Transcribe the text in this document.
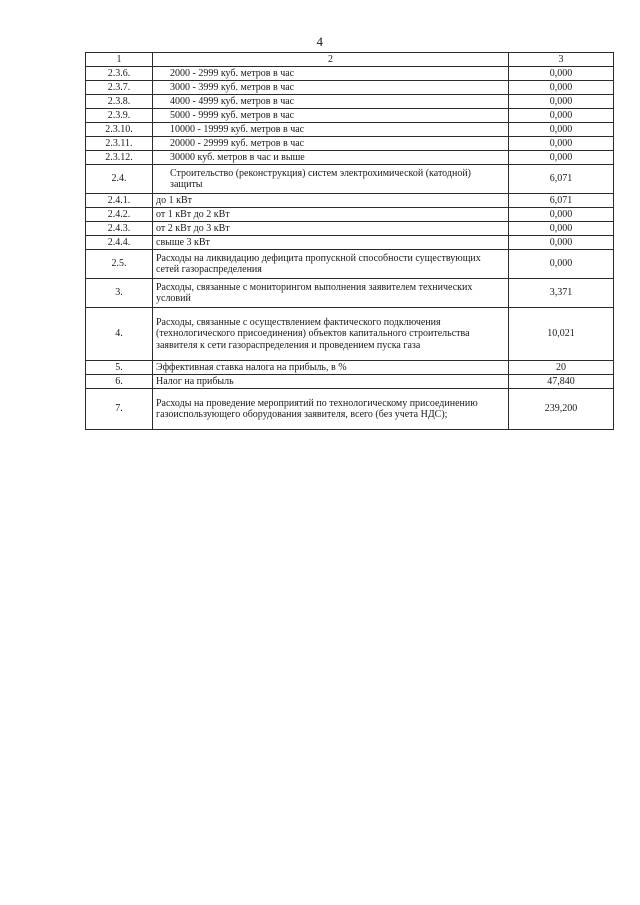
4
1	2	3
2.3.6.	2000 - 2999 куб. метров в час	0,000
2.3.7.	3000 - 3999 куб. метров в час	0,000
2.3.8.	4000 - 4999 куб. метров в час	0,000
2.3.9.	5000 - 9999 куб. метров в час	0,000
2.3.10.	10000 - 19999 куб. метров в час	0,000
2.3.11.	20000 - 29999 куб. метров в час	0,000
2.3.12.	30000 куб. метров в час и выше	0,000
2.4.	Строительство (реконструкция) систем электрохимической (катодной) защиты	6,071
2.4.1.	до 1 кВт	6,071
2.4.2.	от 1 кВт до 2 кВт	0,000
2.4.3.	от 2 кВт до 3 кВт	0,000
2.4.4.	свыше 3 кВт	0,000
2.5.	Расходы на ликвидацию дефицита пропускной способности существующих сетей газораспределения	0,000
3.	Расходы, связанные с мониторингом выполнения заявителем технических условий	3,371
4.	Расходы, связанные с осуществлением фактического подключения (технологического присоединения) объектов капитального строительства заявителя к сети газораспределения и проведением пуска газа	10,021
5.	Эффективная ставка налога на прибыль, в %	20
6.	Налог на прибыль	47,840
7.	Расходы на проведение мероприятий по технологическому присоединению газоиспользующего оборудования заявителя, всего (без учета НДС);	239,200
